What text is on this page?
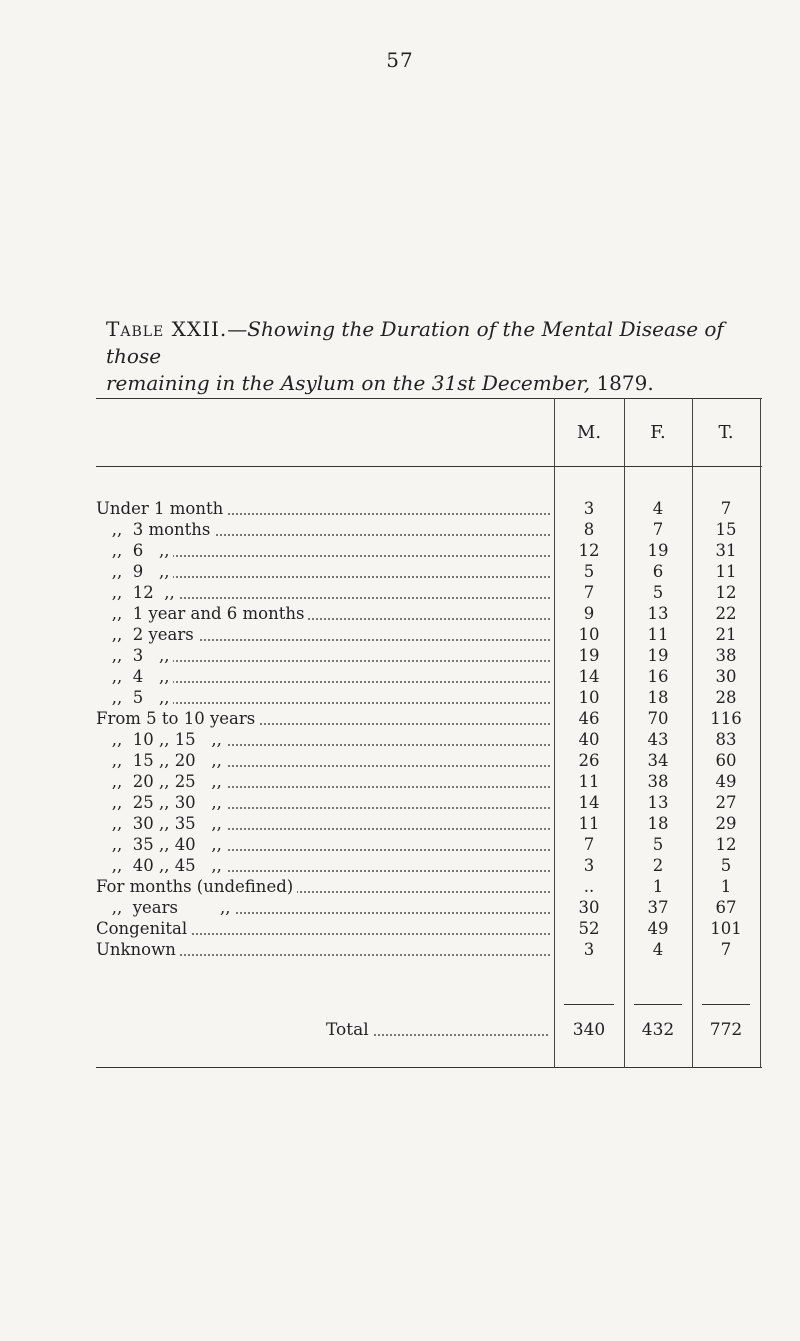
57
Table XXII.—Showing the Duration of the Mental Disease of those
remaining in the Asylum on the 31st December, 1879.
M.	F.	T.
Under 1 month	3	4	7
,,  3 months	8	7	15
,,  6   ,,	12	19	31
,,  9   ,,	5	6	11
,,  12  ,,	7	5	12
,,  1 year and 6 months	9	13	22
,,  2 years	10	11	21
,,  3   ,,	19	19	38
,,  4   ,,	14	16	30
,,  5   ,,	10	18	28
From 5 to 10 years	46	70	116
,,  10 ,, 15   ,,	40	43	83
,,  15 ,, 20   ,,	26	34	60
,,  20 ,, 25   ,,	11	38	49
,,  25 ,, 30   ,,	14	13	27
,,  30 ,, 35   ,,	11	18	29
,,  35 ,, 40   ,,	7	5	12
,,  40 ,, 45   ,,	3	2	5
For months (undefined)	..	1	1
,,  years        ,,	30	37	67
Congenital	52	49	101
Unknown	3	4	7
Total	340	432	772
